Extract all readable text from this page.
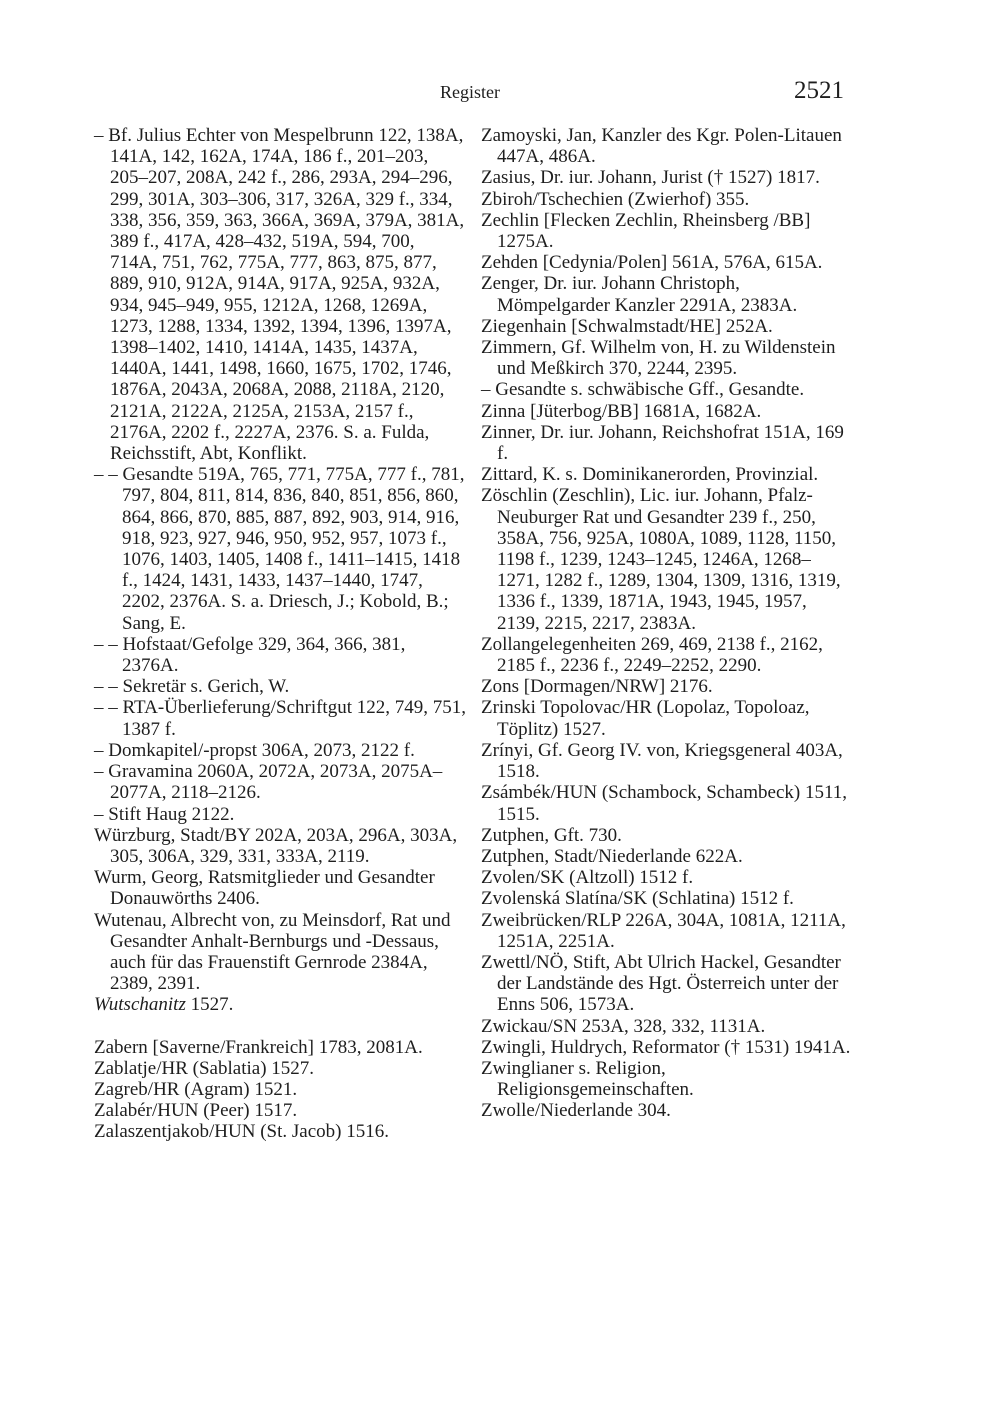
Register	2521
– Bf. Julius Echter von Mespelbrunn 122, 138A, 141A, 142, 162A, 174A, 186 f., 201–203, 205–207, 208A, 242 f., 286, 293A, 294–296, 299, 301A, 303–306, 317, 326A, 329 f., 334, 338, 356, 359, 363, 366A, 369A, 379A, 381A, 389 f., 417A, 428–432, 519A, 594, 700, 714A, 751, 762, 775A, 777, 863, 875, 877, 889, 910, 912A, 914A, 917A, 925A, 932A, 934, 945–949, 955, 1212A, 1268, 1269A, 1273, 1288, 1334, 1392, 1394, 1396, 1397A, 1398–1402, 1410, 1414A, 1435, 1437A, 1440A, 1441, 1498, 1660, 1675, 1702, 1746, 1876A, 2043A, 2068A, 2088, 2118A, 2120, 2121A, 2122A, 2125A, 2153A, 2157 f., 2176A, 2202 f., 2227A, 2376. S. a. Fulda, Reichsstift, Abt, Konflikt.
– – Gesandte 519A, 765, 771, 775A, 777 f., 781, 797, 804, 811, 814, 836, 840, 851, 856, 860, 864, 866, 870, 885, 887, 892, 903, 914, 916, 918, 923, 927, 946, 950, 952, 957, 1073 f., 1076, 1403, 1405, 1408 f., 1411–1415, 1418 f., 1424, 1431, 1433, 1437–1440, 1747, 2202, 2376A. S. a. Driesch, J.; Kobold, B.; Sang, E.
– – Hofstaat/Gefolge 329, 364, 366, 381, 2376A.
– – Sekretär s. Gerich, W.
– – RTA-Überlieferung/Schriftgut 122, 749, 751, 1387 f.
– Domkapitel/-propst 306A, 2073, 2122 f.
– Gravamina 2060A, 2072A, 2073A, 2075A–2077A, 2118–2126.
– Stift Haug 2122.
Würzburg, Stadt/BY 202A, 203A, 296A, 303A, 305, 306A, 329, 331, 333A, 2119.
Wurm, Georg, Ratsmitglieder und Gesandter Donauwörths 2406.
Wutenau, Albrecht von, zu Meinsdorf, Rat und Gesandter Anhalt-Bernburgs und -Dessaus, auch für das Frauenstift Gernrode 2384A, 2389, 2391.
Wutschanitz 1527.
Zabern [Saverne/Frankreich] 1783, 2081A.
Zablatje/HR (Sablatia) 1527.
Zagreb/HR (Agram) 1521.
Zalabér/HUN (Peer) 1517.
Zalaszentjakob/HUN (St. Jacob) 1516.
Zamoyski, Jan, Kanzler des Kgr. Polen-Litauen 447A, 486A.
Zasius, Dr. iur. Johann, Jurist († 1527) 1817.
Zbiroh/Tschechien (Zwierhof) 355.
Zechlin [Flecken Zechlin, Rheinsberg /BB] 1275A.
Zehden [Cedynia/Polen] 561A, 576A, 615A.
Zenger, Dr. iur. Johann Christoph, Mömpelgarder Kanzler 2291A, 2383A.
Ziegenhain [Schwalmstadt/HE] 252A.
Zimmern, Gf. Wilhelm von, H. zu Wildenstein und Meßkirch 370, 2244, 2395.
– Gesandte s. schwäbische Gff., Gesandte.
Zinna [Jüterbog/BB] 1681A, 1682A.
Zinner, Dr. iur. Johann, Reichshofrat 151A, 169 f.
Zittard, K. s. Dominikanerorden, Provinzial.
Zöschlin (Zeschlin), Lic. iur. Johann, Pfalz-Neuburger Rat und Gesandter 239 f., 250, 358A, 756, 925A, 1080A, 1089, 1128, 1150, 1198 f., 1239, 1243–1245, 1246A, 1268–1271, 1282 f., 1289, 1304, 1309, 1316, 1319, 1336 f., 1339, 1871A, 1943, 1945, 1957, 2139, 2215, 2217, 2383A.
Zollangelegenheiten 269, 469, 2138 f., 2162, 2185 f., 2236 f., 2249–2252, 2290.
Zons [Dormagen/NRW] 2176.
Zrinski Topolovac/HR (Lopolaz, Topoloaz, Töplitz) 1527.
Zrínyi, Gf. Georg IV. von, Kriegsgeneral 403A, 1518.
Zsámbék/HUN (Schambock, Schambeck) 1511, 1515.
Zutphen, Gft. 730.
Zutphen, Stadt/Niederlande 622A.
Zvolen/SK (Altzoll) 1512 f.
Zvolenská Slatína/SK (Schlatina) 1512 f.
Zweibrücken/RLP 226A, 304A, 1081A, 1211A, 1251A, 2251A.
Zwettl/NÖ, Stift, Abt Ulrich Hackel, Gesandter der Landstände des Hgt. Österreich unter der Enns 506, 1573A.
Zwickau/SN 253A, 328, 332, 1131A.
Zwingli, Huldrych, Reformator († 1531) 1941A.
Zwinglianer s. Religion, Religionsgemeinschaften.
Zwolle/Niederlande 304.
